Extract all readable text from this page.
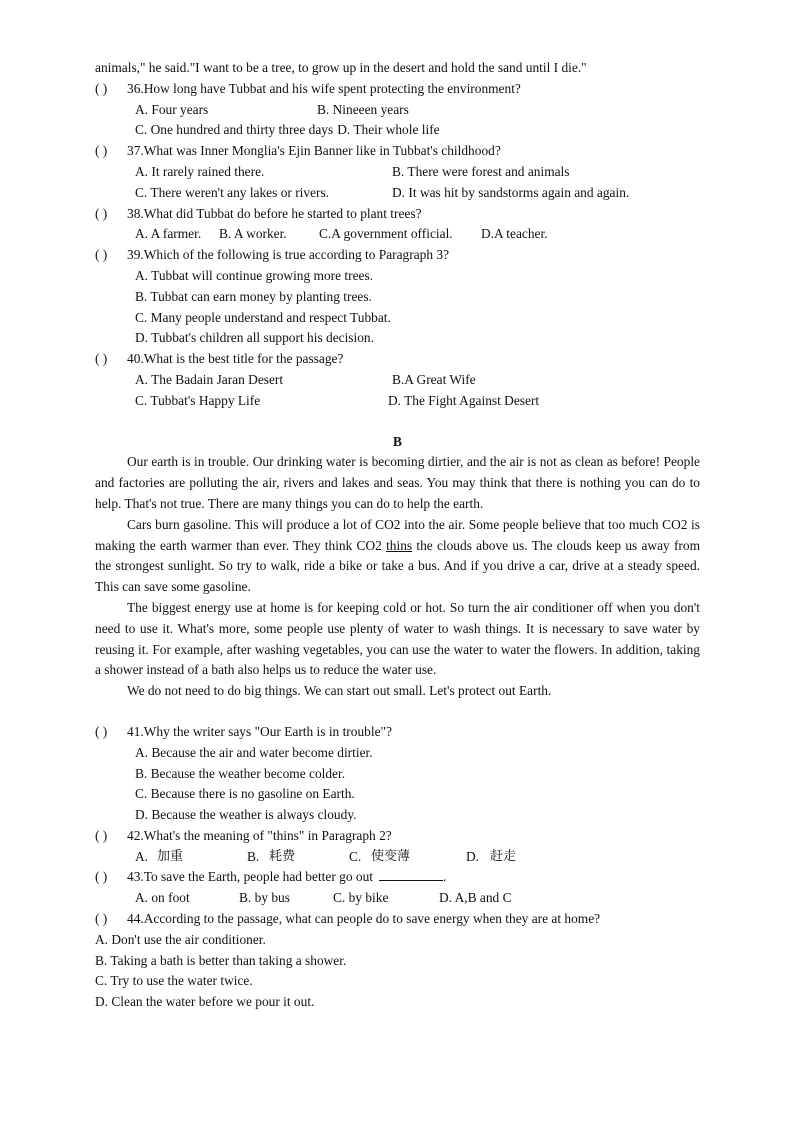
animals," he said."I want to be a tree, to grow up in the desert and hold the sand until I die."
( )	36. How long have Tubbat and his wife spent protecting the environment?
A. Four years	B. Nineeen years
C. One hundred and thirty three days D. Their whole life
( )	37. What was Inner Monglia's Ejin Banner like in Tubbat's childhood?
A. It rarely rained there.	B. There were forest and animals
C. There weren't any lakes or rivers.	D. It was hit by sandstorms again and again.
( )	38. What did Tubbat do before he started to plant trees?
A. A farmer.	B. A worker.	C.A government official.	D.A teacher.
( )	39. Which of the following is true according to Paragraph 3?
A. Tubbat will continue growing more trees.
B. Tubbat can earn money by planting trees.
C. Many people understand and respect Tubbat.
D. Tubbat's children all support his decision.
( )	40. What is the best title for the passage?
A. The Badain Jaran Desert	B.A Great Wife
C. Tubbat's Happy Life	D. The Fight Against Desert
B
Our earth is in trouble. Our drinking water is becoming dirtier, and the air is not as clean as before! People and factories are polluting the air, rivers and lakes and seas. You may think that there is nothing you can do to help. That's not true. There are many things you can do to help the earth.
Cars burn gasoline. This will produce a lot of CO2 into the air. Some people believe that too much CO2 is making the earth warmer than ever. They think CO2 thins the clouds above us. The clouds keep us away from the strongest sunlight. So try to walk, ride a bike or take a bus. And if you drive a car, drive at a steady speed. This can save some gasoline.
The biggest energy use at home is for keeping cold or hot. So turn the air conditioner off when you don't need to use it. What's more, some people use plenty of water to wash things. It is necessary to save water by reusing it. For example, after washing vegetables, you can use the water to water the flowers. In addition, taking a shower instead of a bath also helps us to reduce the water use.
We do not need to do big things. We can start out small. Let's protect out Earth.
( )	41. Why the writer says "Our Earth is in trouble"?
A. Because the air and water become dirtier.
B. Because the weather become colder.
C. Because there is no gasoline on Earth.
D. Because the weather is always cloudy.
( )	42. What's the meaning of "thins" in Paragraph 2?
A. 加重	B. 耗费	C. 使变薄	D. 赶走
( )	43. To save the Earth, people had better go out	.
A. on foot	B. by bus	C. by bike	D. A,B and C
( )	44. According to the passage, what can people do to save energy when they are at home?
A. Don't use the air conditioner.
B. Taking a bath is better than taking a shower.
C. Try to use the water twice.
D. Clean the water before we pour it out.
